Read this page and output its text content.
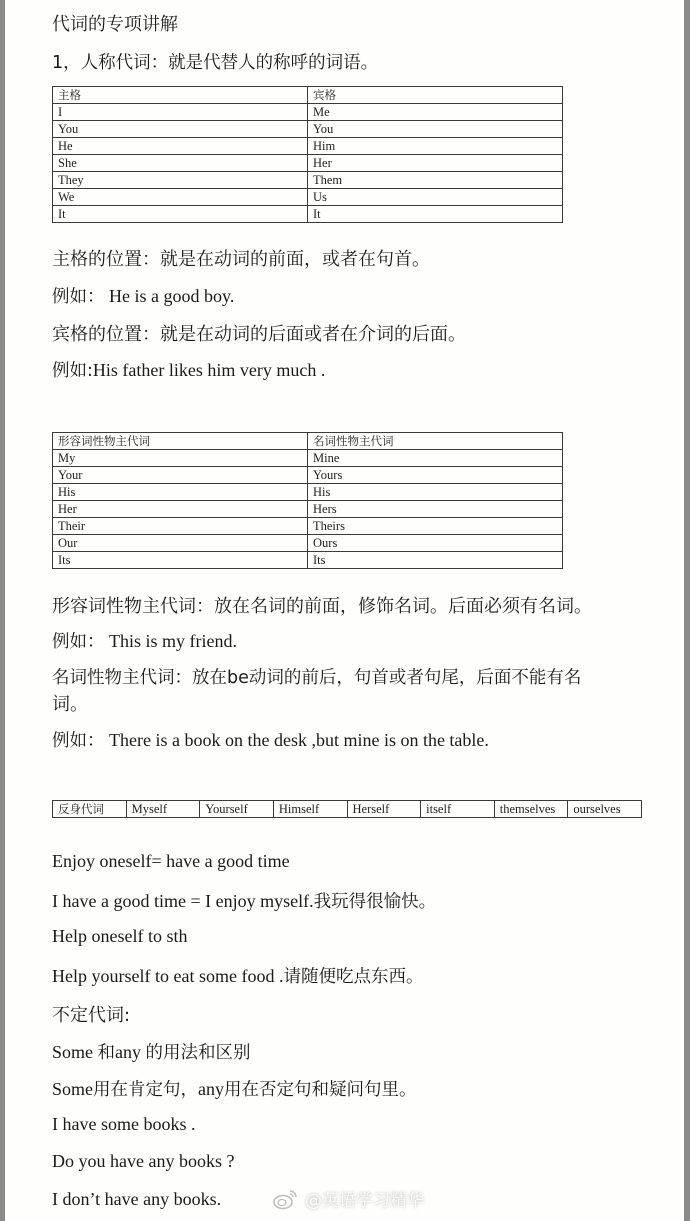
代词的专项讲解
1，人称代词：就是代替人的称呼的词语。
主格	宾格
I	Me
You	You
He	Him
She	Her
They	Them
We	Us
It	It
主格的位置：就是在动词的前面，或者在句首。
例如： He is a good boy.
宾格的位置：就是在动词的后面或者在介词的后面。
例如:His father likes him very much .
形容词性物主代词	名词性物主代词
My	Mine
Your	Yours
His	His
Her	Hers
Their	Theirs
Our	Ours
Its	Its
形容词性物主代词：放在名词的前面，修饰名词。后面必须有名词。
例如： This is my friend.
名词性物主代词：放在be动词的前后，句首或者句尾，后面不能有名
词。
例如： There is a book on the desk ,but mine is on the table.
反身代词	Myself	Yourself	Himself	Herself	itself	themselves	ourselves
Enjoy oneself= have a good time
I have a good time = I enjoy myself.我玩得很愉快。
Help oneself to sth
Help yourself to eat some food .请随便吃点东西。
不定代词:
Some 和any 的用法和区别
Some用在肯定句，any用在否定句和疑问句里。
I have some books .
Do you have any books ?
I don’t have any books.	@英语学习精华
